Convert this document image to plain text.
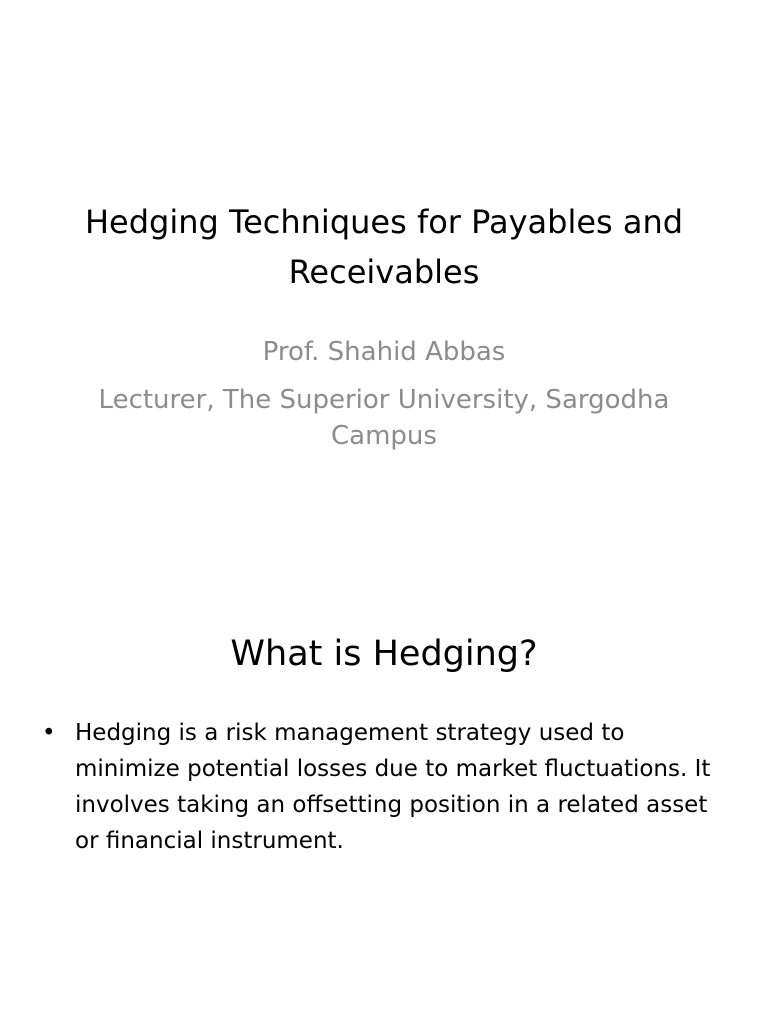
Hedging Techniques for Payables and Receivables
Prof. Shahid Abbas
Lecturer, The Superior University, Sargodha Campus
What is Hedging?
• Hedging is a risk management strategy used to minimize potential losses due to market fluctuations. It involves taking an offsetting position in a related asset or financial instrument.
